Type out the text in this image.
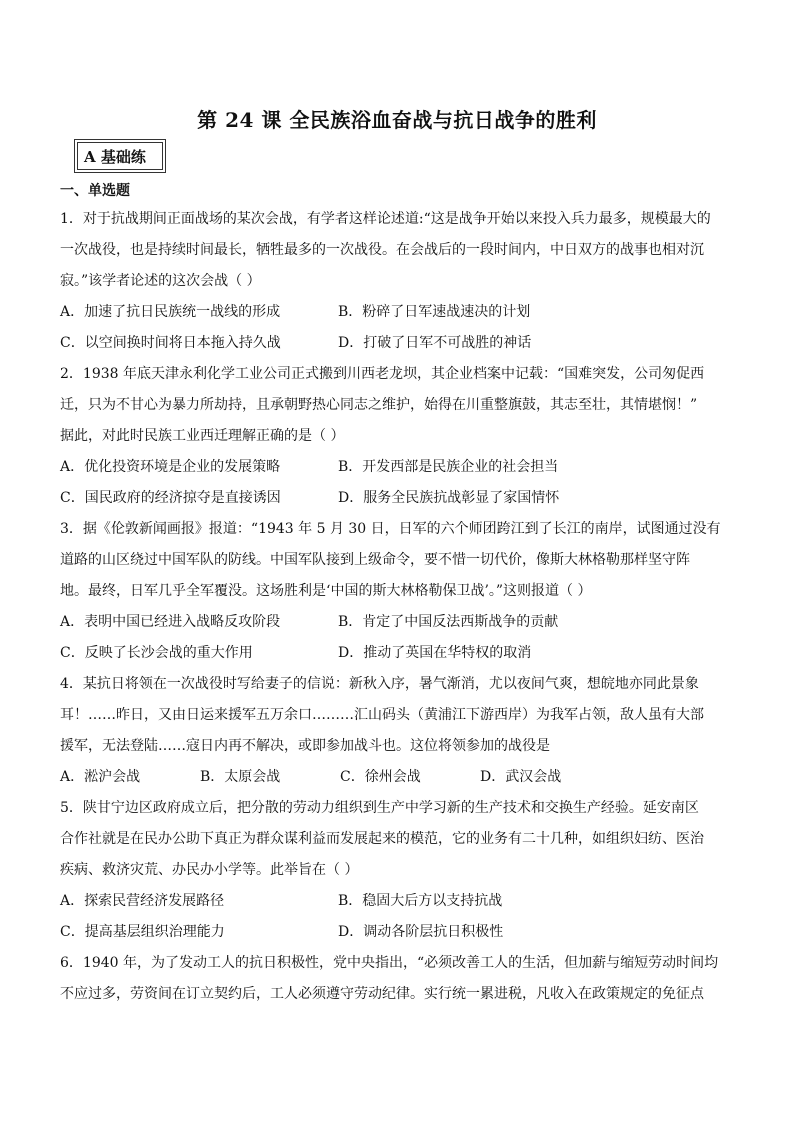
第 24 课 全民族浴血奋战与抗日战争的胜利
A 基础练
一、单选题
1．对于抗战期间正面战场的某次会战，有学者这样论述道:“这是战争开始以来投入兵力最多，规模最大的
一次战役，也是持续时间最长，牺牲最多的一次战役。在会战后的一段时间内，中日双方的战事也相对沉
寂。”该学者论述的这次会战（ ）
A．加速了抗日民族统一战线的形成	B．粉碎了日军速战速决的计划
C．以空间换时间将日本拖入持久战	D．打破了日军不可战胜的神话
2．1938 年底天津永利化学工业公司正式搬到川西老龙坝，其企业档案中记载：“国难突发，公司匆促西
迁，只为不甘心为暴力所劫持，且承朝野热心同志之维护，始得在川重整旗鼓，其志至壮，其情堪悯！”
据此，对此时民族工业西迁理解正确的是（ ）
A．优化投资环境是企业的发展策略	B．开发西部是民族企业的社会担当
C．国民政府的经济掠夺是直接诱因	D．服务全民族抗战彰显了家国情怀
3．据《伦敦新闻画报》报道：“1943 年 5 月 30 日，日军的六个师团跨江到了长江的南岸，试图通过没有
道路的山区绕过中国军队的防线。中国军队接到上级命令，要不惜一切代价，像斯大林格勒那样坚守阵
地。最终，日军几乎全军覆没。这场胜利是‘中国的斯大林格勒保卫战’。”这则报道（ ）
A．表明中国已经进入战略反攻阶段	B．肯定了中国反法西斯战争的贡献
C．反映了长沙会战的重大作用	D．推动了英国在华特权的取消
4．某抗日将领在一次战役时写给妻子的信说：新秋入序，暑气渐消，尤以夜间气爽，想皖地亦同此景象
耳！……昨日，又由日运来援军五万余口………汇山码头（黄浦江下游西岸）为我军占领，敌人虽有大部
援军，无法登陆……寇日内再不解决，或即参加战斗也。这位将领参加的战役是
A．淞沪会战	B．太原会战	C．徐州会战	D．武汉会战
5．陕甘宁边区政府成立后，把分散的劳动力组织到生产中学习新的生产技术和交换生产经验。延安南区
合作社就是在民办公助下真正为群众谋利益而发展起来的模范，它的业务有二十几种，如组织妇纺、医治
疾病、救济灾荒、办民办小学等。此举旨在（ ）
A．探索民营经济发展路径	B．稳固大后方以支持抗战
C．提高基层组织治理能力	D．调动各阶层抗日积极性
6．1940 年，为了发动工人的抗日积极性，党中央指出，“必须改善工人的生活，但加薪与缩短劳动时间均
不应过多，劳资间在订立契约后，工人必须遵守劳动纪律。实行统一累进税，凡收入在政策规定的免征点
